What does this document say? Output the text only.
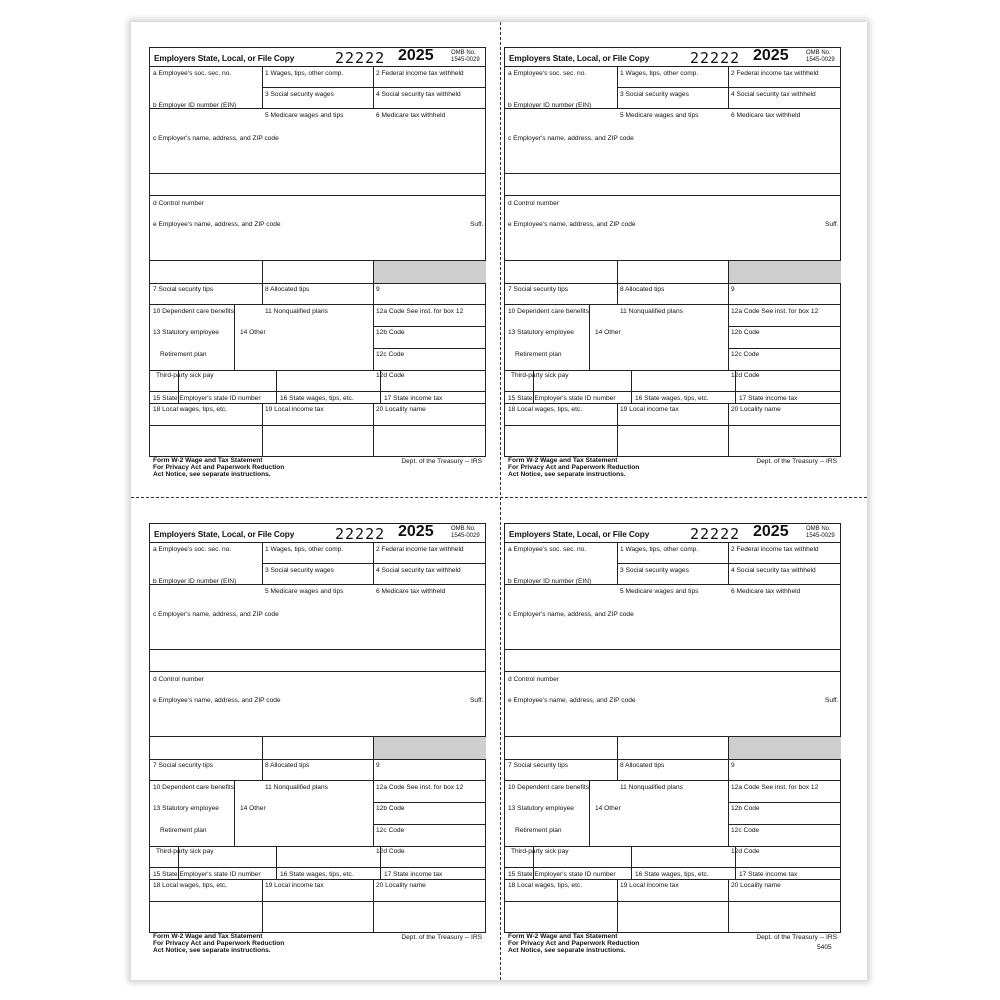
Employers State, Local, or File Copy	22222 2025	OMB No. 1545-0029
a Employee's soc. sec. no.	1 Wages, tips, other comp.	2 Federal income tax withheld
3 Social security wages	4 Social security tax withheld
b Employer ID number (EIN)
5 Medicare wages and tips	6 Medicare tax withheld
c Employer's name, address, and ZIP code
d Control number
e Employee's name, address, and ZIP code	Suff.
7 Social security tips	8 Allocated tips	9
10 Dependent care benefits	11 Nonqualified plans	12a Code See inst. for box 12
13 Statutory employee	14 Other	12b Code
Retirement plan	12c Code
12d Code
Third-party sick pay
15 State Employer's state ID number	16 State wages, tips, etc.	17 State income tax
18 Local wages, tips, etc.	19 Local income tax	20 Locality name
Form W-2 Wage and Tax Statement
For Privacy Act and Paperwork Reduction
Act Notice, see separate instructions.
Dept. of the Treasury -- IRS
Employers State, Local, or File Copy	22222 2025	OMB No. 1545-0029
a Employee's soc. sec. no.	1 Wages, tips, other comp.	2 Federal income tax withheld
3 Social security wages	4 Social security tax withheld
b Employer ID number (EIN)
5 Medicare wages and tips	6 Medicare tax withheld
c Employer's name, address, and ZIP code
d Control number
e Employee's name, address, and ZIP code	Suff.
7 Social security tips	8 Allocated tips	9
10 Dependent care benefits	11 Nonqualified plans	12a Code See inst. for box 12
13 Statutory employee	14 Other	12b Code
Retirement plan	12c Code
12d Code
Third-party sick pay
15 State Employer's state ID number	16 State wages, tips, etc.	17 State income tax
18 Local wages, tips, etc.	19 Local income tax	20 Locality name
Form W-2 Wage and Tax Statement
For Privacy Act and Paperwork Reduction
Act Notice, see separate instructions.
Dept. of the Treasury -- IRS
Employers State, Local, or File Copy	22222 2025	OMB No. 1545-0029
a Employee's soc. sec. no.	1 Wages, tips, other comp.	2 Federal income tax withheld
3 Social security wages	4 Social security tax withheld
b Employer ID number (EIN)
5 Medicare wages and tips	6 Medicare tax withheld
c Employer's name, address, and ZIP code
d Control number
e Employee's name, address, and ZIP code	Suff.
7 Social security tips	8 Allocated tips	9
10 Dependent care benefits	11 Nonqualified plans	12a Code See inst. for box 12
13 Statutory employee	14 Other	12b Code
Retirement plan	12c Code
12d Code
Third-party sick pay
15 State Employer's state ID number	16 State wages, tips, etc.	17 State income tax
18 Local wages, tips, etc.	19 Local income tax	20 Locality name
Form W-2 Wage and Tax Statement
For Privacy Act and Paperwork Reduction
Act Notice, see separate instructions.
Dept. of the Treasury -- IRS
Employers State, Local, or File Copy	22222 2025	OMB No. 1545-0029
a Employee's soc. sec. no.	1 Wages, tips, other comp.	2 Federal income tax withheld
3 Social security wages	4 Social security tax withheld
b Employer ID number (EIN)
5 Medicare wages and tips	6 Medicare tax withheld
c Employer's name, address, and ZIP code
d Control number
e Employee's name, address, and ZIP code	Suff.
7 Social security tips	8 Allocated tips	9
10 Dependent care benefits	11 Nonqualified plans	12a Code See inst. for box 12
13 Statutory employee	14 Other	12b Code
Retirement plan	12c Code
12d Code
Third-party sick pay
15 State Employer's state ID number	16 State wages, tips, etc.	17 State income tax
18 Local wages, tips, etc.	19 Local income tax	20 Locality name
Form W-2 Wage and Tax Statement
For Privacy Act and Paperwork Reduction
Act Notice, see separate instructions.
Dept. of the Treasury -- IRS
5405
